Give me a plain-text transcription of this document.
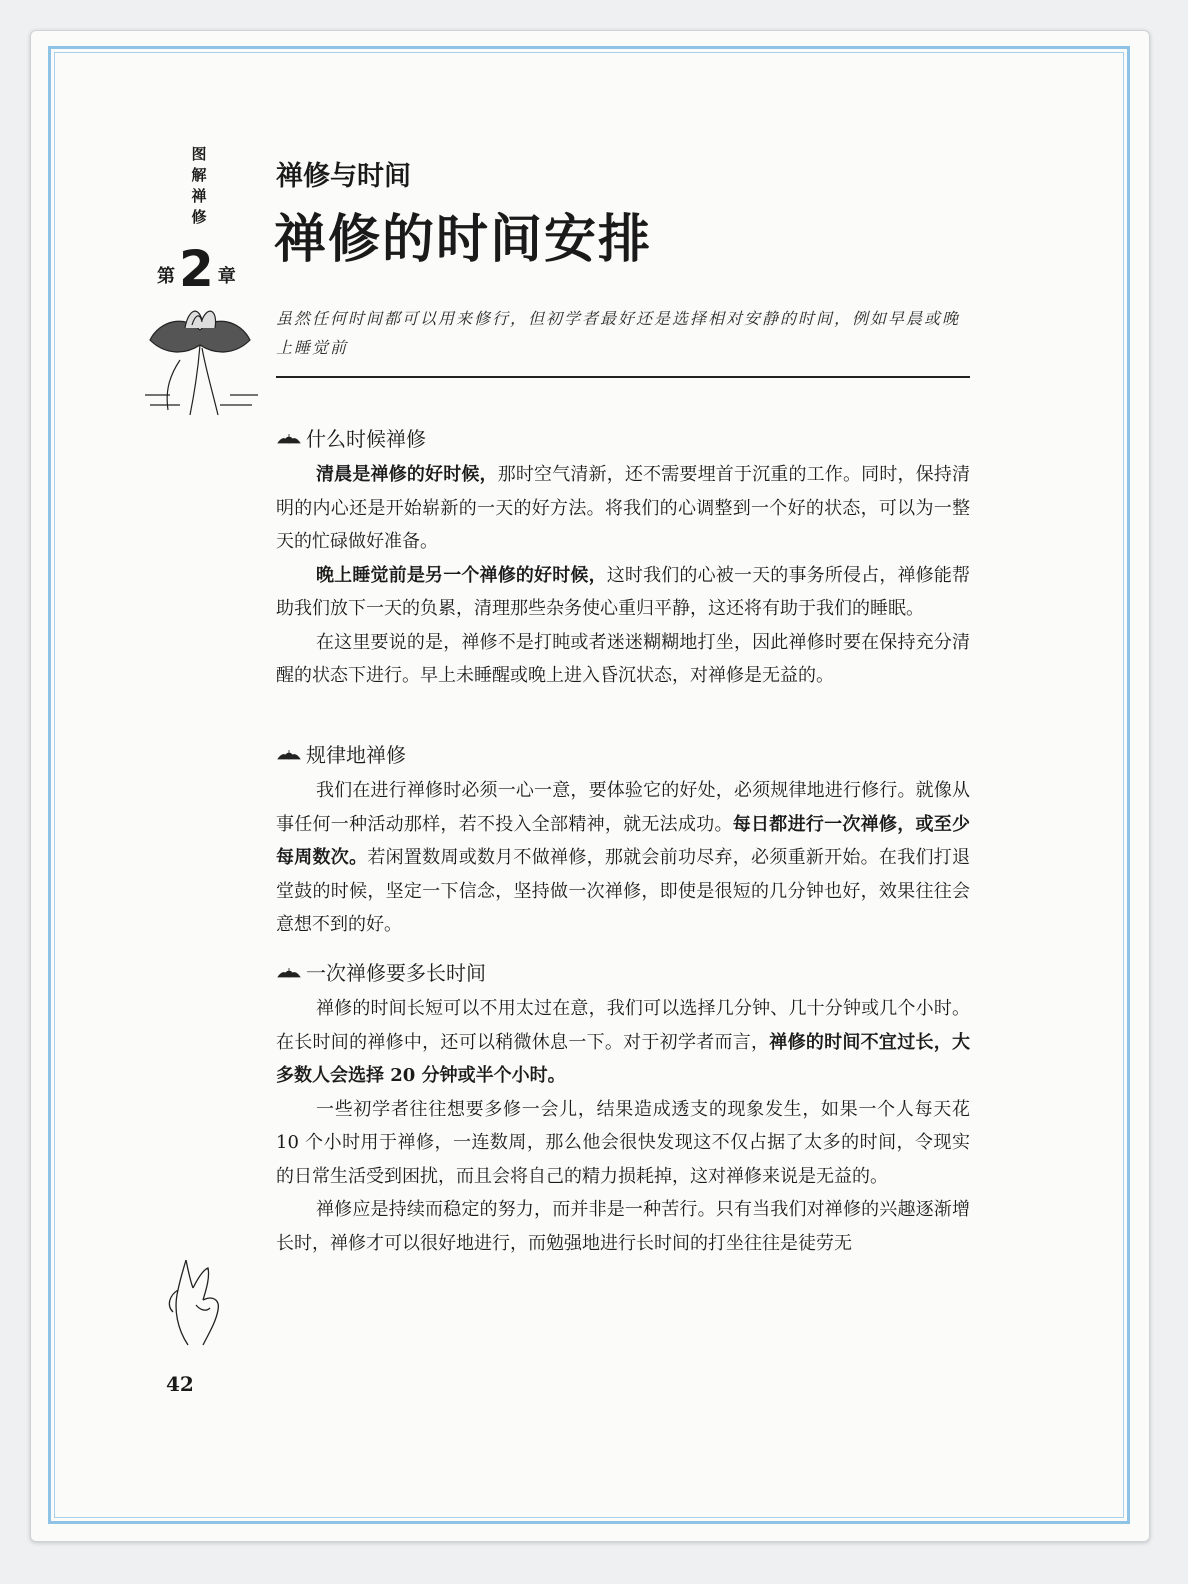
图
解
禅
修
第 2 章
禅修与时间
禅修的时间安排
虽然任何时间都可以用来修行，但初学者最好还是选择相对安静的时间，例如早晨或晚上睡觉前
什么时候禅修

清晨是禅修的好时候，那时空气清新，还不需要埋首于沉重的工作。同时，保持清明的内心还是开始崭新的一天的好方法。将我们的心调整到一个好的状态，可以为一整天的忙碌做好准备。

晚上睡觉前是另一个禅修的好时候，这时我们的心被一天的事务所侵占，禅修能帮助我们放下一天的负累，清理那些杂务使心重归平静，这还将有助于我们的睡眠。

在这里要说的是，禅修不是打盹或者迷迷糊糊地打坐，因此禅修时要在保持充分清醒的状态下进行。早上未睡醒或晚上进入昏沉状态，对禅修是无益的。

规律地禅修

我们在进行禅修时必须一心一意，要体验它的好处，必须规律地进行修行。就像从事任何一种活动那样，若不投入全部精神，就无法成功。每日都进行一次禅修，或至少每周数次。若闲置数周或数月不做禅修，那就会前功尽弃，必须重新开始。在我们打退堂鼓的时候，坚定一下信念，坚持做一次禅修，即使是很短的几分钟也好，效果往往会意想不到的好。

一次禅修要多长时间

禅修的时间长短可以不用太过在意，我们可以选择几分钟、几十分钟或几个小时。在长时间的禅修中，还可以稍微休息一下。对于初学者而言，禅修的时间不宜过长，大多数人会选择 20 分钟或半个小时。

一些初学者往往想要多修一会儿，结果造成透支的现象发生，如果一个人每天花 10 个小时用于禅修，一连数周，那么他会很快发现这不仅占据了太多的时间，令现实的日常生活受到困扰，而且会将自己的精力损耗掉，这对禅修来说是无益的。

禅修应是持续而稳定的努力，而并非是一种苦行。只有当我们对禅修的兴趣逐渐增长时，禅修才可以很好地进行，而勉强地进行长时间的打坐往往是徒劳无

42
